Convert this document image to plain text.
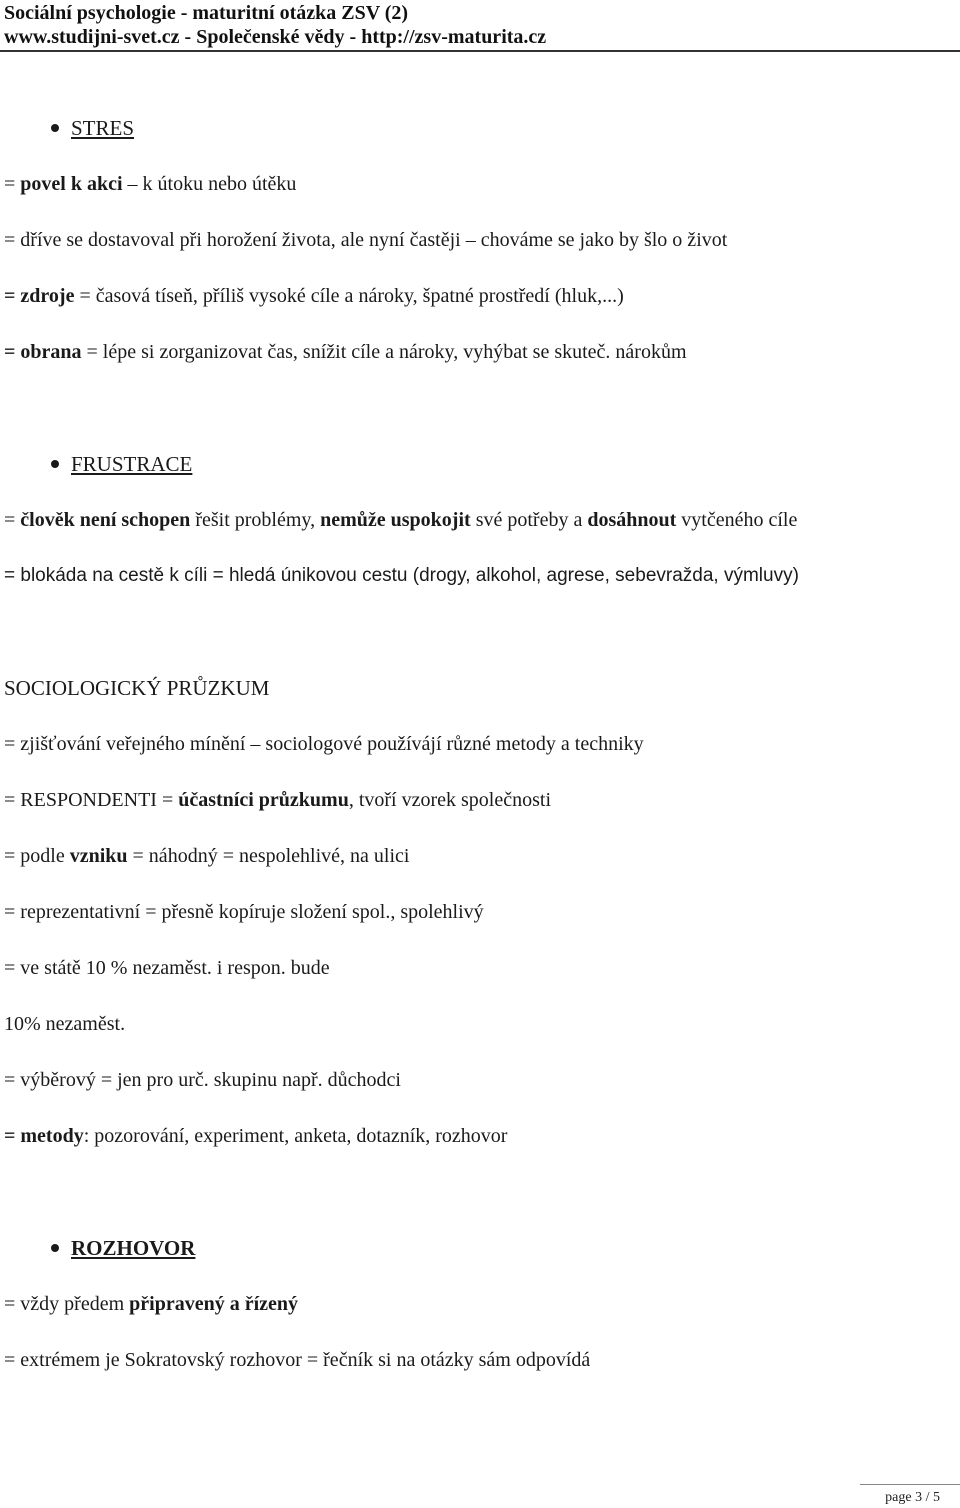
Sociální psychologie - maturitní otázka ZSV (2)
www.studijni-svet.cz - Společenské vědy - http://zsv-maturita.cz
STRES
= povel k akci – k útoku nebo útěku
= dříve se dostavoval při horožení života, ale nyní častěji – chováme se jako by šlo o život
= zdroje = časová tíseň, příliš vysoké cíle a nároky, špatné prostředí (hluk,...)
= obrana = lépe si zorganizovat čas, snížit cíle a nároky, vyhýbat se skuteč. nárokům
FRUSTRACE
= člověk není schopen řešit problémy, nemůže uspokojit své potřeby a dosáhnout vytčeného cíle
= blokáda na cestě k cíli = hledá únikovou cestu (drogy, alkohol, agrese, sebevražda, výmluvy)
SOCIOLOGICKÝ PRŮZKUM
= zjišťování veřejného mínění – sociologové používájí různé metody a techniky
= RESPONDENTI = účastníci průzkumu, tvoří vzorek společnosti
= podle vzniku = náhodný = nespolehlivé, na ulici
= reprezentativní = přesně kopíruje složení spol., spolehlivý
= ve státě 10 % nezaměst. i respon. bude
10% nezaměst.
= výběrový = jen pro urč. skupinu např. důchodci
= metody: pozorování, experiment, anketa, dotazník, rozhovor
ROZHOVOR
= vždy předem připravený a řízený
= extrémem je Sokratovský rozhovor = řečník si na otázky sám odpovídá
page 3 / 5
